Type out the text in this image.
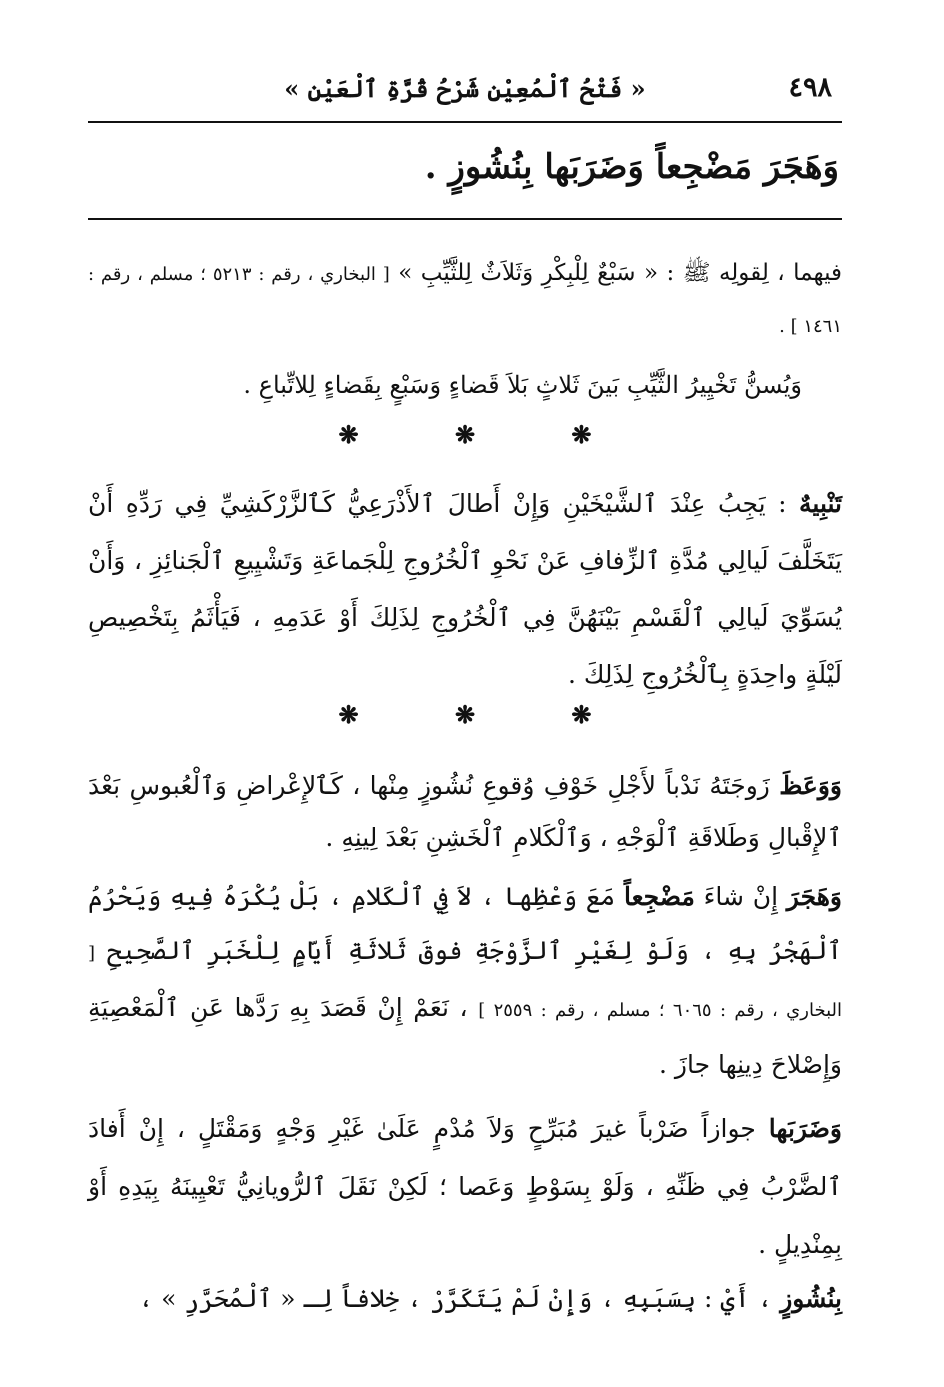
٤٩٨
« فَتْحُ ٱلْمُعِيْنِ شَرْحُ قُرَّةِ ٱلْعَيْنِ »
وَهَجَرَ مَضْجِعاً وَضَرَبَها بِنُشُوزٍ .
فيهما ، لِقولِه ﷺ : « سَبْعٌ لِلْبِكْرِ وَثَلاَثٌ لِلثَّيِّبِ » [ البخاري ، رقم : ٥٢١٣ ؛ مسلم ، رقم : ١٤٦١ ] .
وَيُسنُّ تَخْيِيرُ الثَّيِّبِ بَينَ ثَلاثٍ بَلاَ قَضاءٍ وَسَبْعٍ بِقَضاءٍ لِلاتِّباعِ .
❋	❋	❋
تَنْبِيهٌ : يَجِبُ عِنْدَ ٱلشَّيْخَيْنِ وَإِنْ أَطالَ ٱلأَذْرَعِيُّ كَٱلزَّرْكَشِيِّ فِي رَدِّهِ أَنْ يَتَخَلَّفَ لَيالِي مُدَّةِ ٱلزِّفافِ عَنْ نَحْوِ ٱلْخُرُوجِ لِلْجَماعَةِ وَتَشْيِيعِ ٱلْجَنائِزِ ، وَأَنْ يُسَوِّيَ لَيالِي ٱلْقَسْمِ بَيْنَهُنَّ فِي ٱلْخُرُوجِ لِذَلِكَ أَوْ عَدَمِهِ ، فَيَأْثَمُ بِتَخْصِيصِ لَيْلَةٍ واحِدَةٍ بِٱلْخُرُوجِ لِذَلِكَ .
❋	❋	❋
وَوَعَظَ زَوجَتَهُ نَدْباً لأَجْلِ خَوْفِ وُقوعِ نُشُوزٍ مِنْها ، كَٱلإِعْراضِ وَٱلْعُبوسِ بَعْدَ ٱلإِقْبالِ وَطَلاقَةِ ٱلْوَجْهِ ، وَٱلْكَلامِ ٱلْخَشِنِ بَعْدَ لِينِهِ .
وَهَجَرَ إِنْ شاءَ مَضْجِعاً مَعَ وَعْظِها ، لاَ فِي ٱلْكَلامِ ، بَلْ يُكْرَهُ فِيهِ وَيَحْرُمُ ٱلْهَجْرُ بِهِ ، وَلَوْ لِغَيْرِ ٱلزَّوْجَةِ فوقَ ثَلاثَةِ أَيّامٍ لِلْخَبَرِ ٱلصَّحِيحِ [ البخاري ، رقم : ٦٠٦٥ ؛ مسلم ، رقم : ٢٥٥٩ ] ، نَعَمْ إِنْ قَصَدَ بِهِ رَدَّها عَنِ ٱلْمَعْصِيَةِ وَإِصْلاحَ دِينِها جازَ .
وَضَرَبَها جوازاً ضَرْباً غيرَ مُبَرِّحٍ وَلاَ مُدْمٍ عَلَىٰ غَيْرِ وَجْهٍ وَمَقْتَلٍ ، إِنْ أَفادَ ٱلضَّرْبُ فِي ظَنِّهِ ، وَلَوْ بِسَوْطٍ وَعَصا ؛ لَكِنْ نَقَلَ ٱلرُّويانِيُّ تَعْيِينَهُ بِيَدِهِ أَوْ بِمِنْدِيلٍ .
بِنُشُوزٍ ، أَيْ : بِسَبَبِهِ ، وَإِنْ لَمْ يَتَكَرَّرْ ، خِلافاً لِـ « ٱلْمُحَرَّرِ » ،
